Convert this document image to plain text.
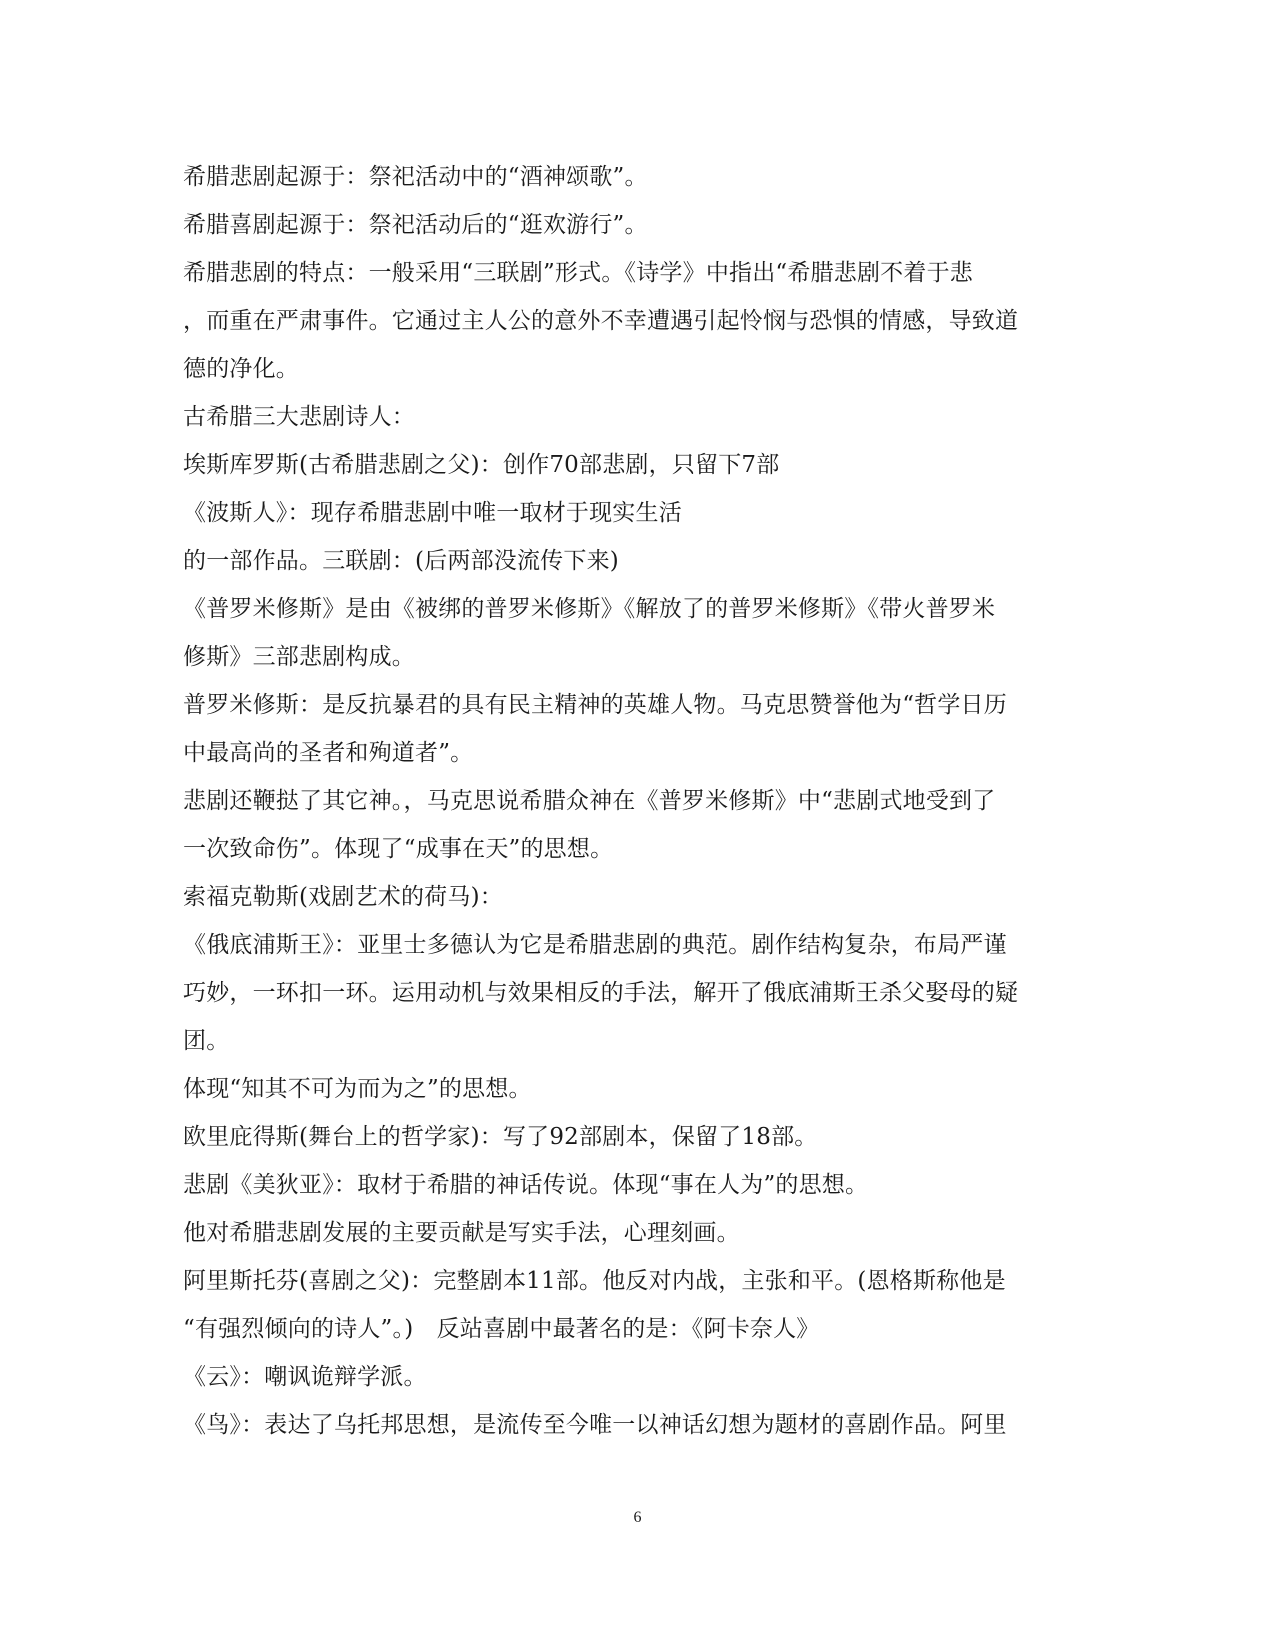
希腊悲剧起源于：祭祀活动中的“酒神颂歌”。
希腊喜剧起源于：祭祀活动后的“逛欢游行”。
希腊悲剧的特点：一般采用“三联剧”形式。《诗学》中指出“希腊悲剧不着于悲
，而重在严肃事件。它通过主人公的意外不幸遭遇引起怜悯与恐惧的情感，导致道
德的净化。
古希腊三大悲剧诗人：
埃斯库罗斯(古希腊悲剧之父)：创作70部悲剧，只留下7部
《波斯人》：现存希腊悲剧中唯一取材于现实生活
的一部作品。三联剧：(后两部没流传下来)
《普罗米修斯》是由《被绑的普罗米修斯》《解放了的普罗米修斯》《带火普罗米
修斯》三部悲剧构成。
普罗米修斯：是反抗暴君的具有民主精神的英雄人物。马克思赞誉他为“哲学日历
中最高尚的圣者和殉道者”。
悲剧还鞭挞了其它神。，马克思说希腊众神在《普罗米修斯》中“悲剧式地受到了
一次致命伤”。体现了“成事在天”的思想。
索福克勒斯(戏剧艺术的荷马)：
《俄底浦斯王》：亚里士多德认为它是希腊悲剧的典范。剧作结构复杂，布局严谨
巧妙，一环扣一环。运用动机与效果相反的手法，解开了俄底浦斯王杀父娶母的疑
团。
体现“知其不可为而为之”的思想。
欧里庇得斯(舞台上的哲学家)：写了92部剧本，保留了18部。
悲剧《美狄亚》：取材于希腊的神话传说。体现“事在人为”的思想。
他对希腊悲剧发展的主要贡献是写实手法，心理刻画。
阿里斯托芬(喜剧之父)：完整剧本11部。他反对内战，主张和平。(恩格斯称他是
“有强烈倾向的诗人”。)　反站喜剧中最著名的是：《阿卡奈人》
《云》：嘲讽诡辩学派。
《鸟》：表达了乌托邦思想，是流传至今唯一以神话幻想为题材的喜剧作品。阿里
6
